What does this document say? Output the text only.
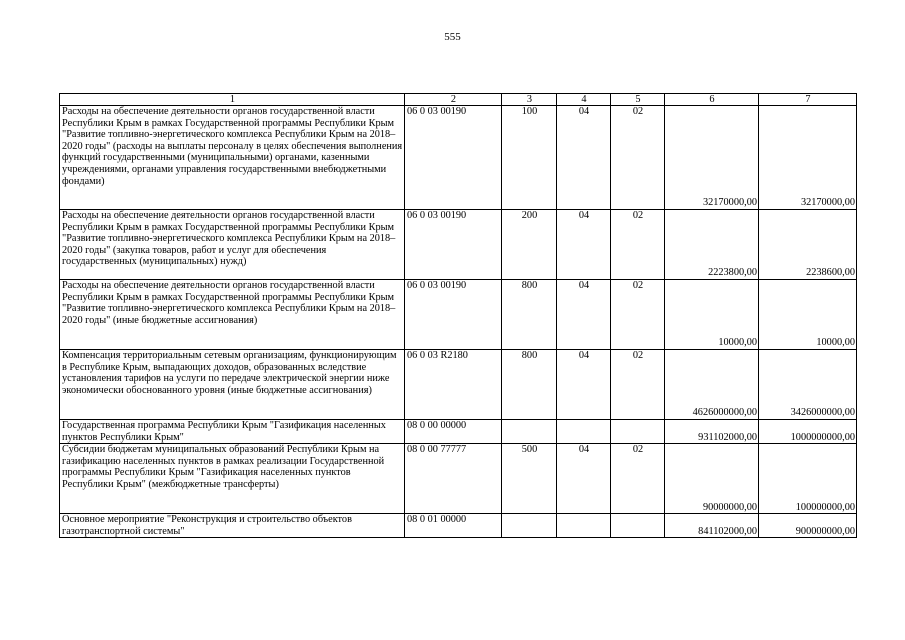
555
1	2	3	4	5	6	7
Расходы на обеспечение деятельности органов государственной власти Республики Крым в рамках Государственной программы Республики Крым "Развитие топливно-энергетического комплекса Республики Крым на 2018–2020 годы" (расходы на выплаты персоналу в целях обеспечения выполнения функций государственными (муниципальными) органами, казенными учреждениями, органами управления государственными внебюджетными фондами)	06 0 03 00190	100	04	02	32170000,00	32170000,00
Расходы на обеспечение деятельности органов государственной власти Республики Крым в рамках Государственной программы Республики Крым "Развитие топливно-энергетического комплекса Республики Крым на 2018–2020 годы" (закупка товаров, работ и услуг для обеспечения государственных (муниципальных) нужд)	06 0 03 00190	200	04	02	2223800,00	2238600,00
Расходы на обеспечение деятельности органов государственной власти Республики Крым в рамках Государственной программы Республики Крым "Развитие топливно-энергетического комплекса Республики Крым на 2018–2020 годы" (иные бюджетные ассигнования)	06 0 03 00190	800	04	02	10000,00	10000,00
Компенсация территориальным сетевым организациям, функционирующим в Республике Крым, выпадающих доходов, образованных вследствие установления тарифов на услуги по передаче электрической энергии ниже экономически обоснованного уровня (иные бюджетные ассигнования)	06 0 03 R2180	800	04	02	4626000000,00	3426000000,00
Государственная программа Республики Крым "Газификация населенных пунктов Республики Крым"	08 0 00 00000				931102000,00	1000000000,00
Субсидии бюджетам муниципальных образований Республики Крым на газификацию населенных пунктов в рамках реализации Государственной программы Республики Крым "Газификация населенных пунктов Республики Крым" (межбюджетные трансферты)	08 0 00 77777	500	04	02	90000000,00	100000000,00
Основное мероприятие "Реконструкция и строительство объектов газотранспортной системы"	08 0 01 00000				841102000,00	900000000,00
